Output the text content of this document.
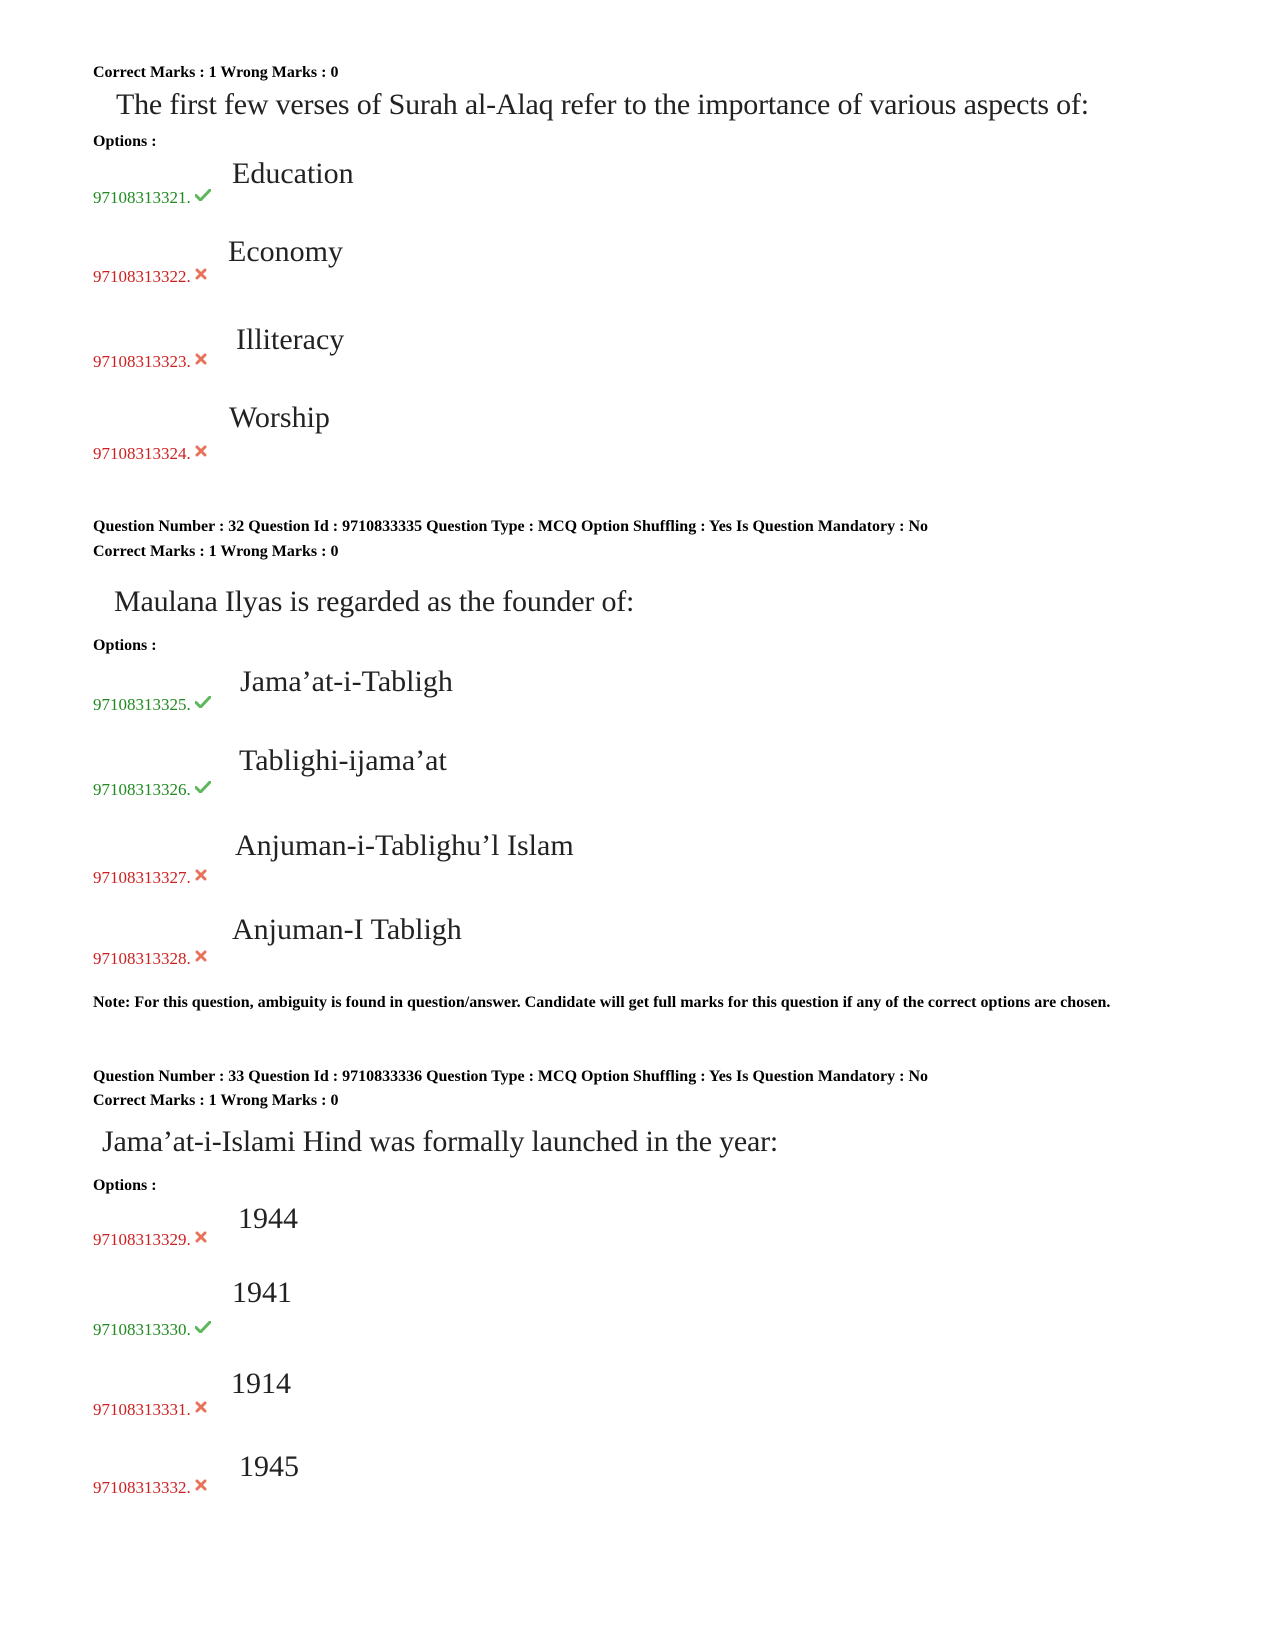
Correct Marks : 1 Wrong Marks : 0
The first few verses of Surah al-Alaq refer to the importance of various aspects of:
Options :
Education
97108313321.
Economy
97108313322.
Illiteracy
97108313323.
Worship
97108313324.
Question Number : 32 Question Id : 9710833335 Question Type : MCQ Option Shuffling : Yes Is Question Mandatory : No
Correct Marks : 1 Wrong Marks : 0
Maulana Ilyas is regarded as the founder of:
Options :
Jama’at-i-Tabligh
97108313325.
Tablighi-ijama’at
97108313326.
Anjuman-i-Tablighu’l Islam
97108313327.
Anjuman-I Tabligh
97108313328.
Note: For this question, ambiguity is found in question/answer. Candidate will get full marks for this question if any of the correct options are chosen.
Question Number : 33 Question Id : 9710833336 Question Type : MCQ Option Shuffling : Yes Is Question Mandatory : No
Correct Marks : 1 Wrong Marks : 0
Jama’at-i-Islami Hind was formally launched in the year:
Options :
1944
97108313329.
1941
97108313330.
1914
97108313331.
1945
97108313332.
